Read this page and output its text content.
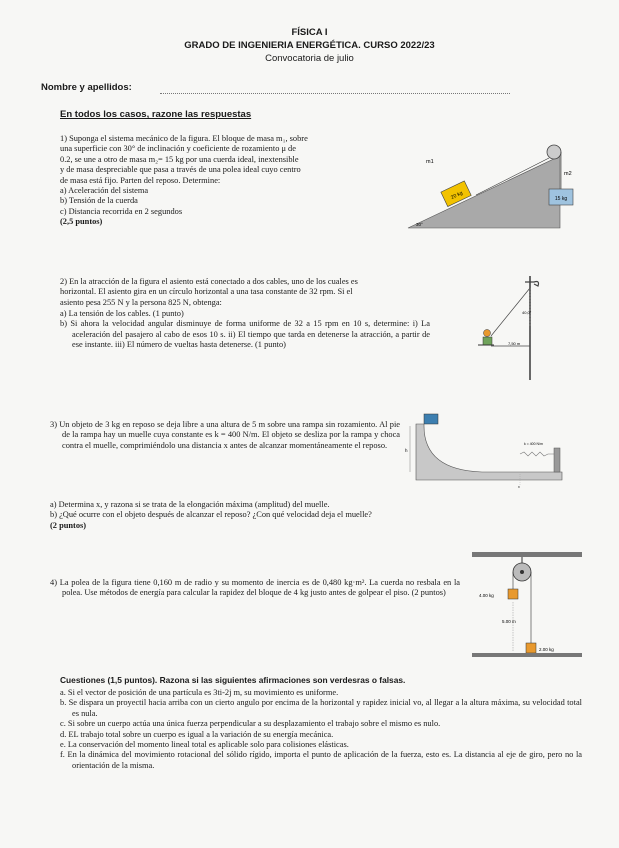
FÍSICA I
GRADO DE INGENIERIA ENERGÉTICA. CURSO 2022/23
Convocatoria de julio
Nombre y apellidos:
En todos los casos, razone las respuestas

1) Suponga el sistema mecánico de la figura. El bloque de masa m₁, sobre

una superficie con 30° de inclinación y coeficiente de rozamiento μ de

0.2, se une a otro de masa m₂= 15 kg por una cuerda ideal, inextensible

y de masa despreciable que pasa a través de una polea ideal cuyo centro

de masa está fijo. Parten del reposo. Determine:

a) Aceleración del sistema

b) Tensión de la cuerda

c) Distancia recorrida en 2 segundos

(2,5 puntos)

20 kg	15 kg
m1
m2
30°

2) En la atracción de la figura el asiento está conectado a dos cables, uno de los cuales es

horizontal. El asiento gira en un círculo horizontal a una tasa constante de 32 rpm. Si el

asiento pesa 255 N y la persona 825 N, obtenga:

a) La tensión de los cables. (1 punto)

b) Si ahora la velocidad angular disminuye de forma uniforme de 32 a 15 rpm en 10 s, determine: i) La aceleración del pasajero al cabo de esos 10 s. ii) El tiempo que tarda en detenerse la atracción, a partir de ese instante. iii) El número de vueltas hasta detenerse. (1 punto)

40,0°
7,50 m

3) Un objeto de 3 kg en reposo se deja libre a una altura de 5 m sobre una rampa sin rozamiento. Al pie de la rampa hay un muelle cuya constante es k = 400 N/m. El objeto se desliza por la rampa y choca contra el muelle, comprimiéndolo una distancia x antes de alcanzar momentáneamente el reposo.

a) Determina x, y razona si se trata de la elongación máxima (amplitud) del muelle.

b) ¿Qué ocurre con el objeto después de alcanzar el reposo? ¿Con qué velocidad deja el muelle?

(2 puntos)

h
k = 400 N/m
x

4) La polea de la figura tiene 0,160 m de radio y su momento de inercia es de 0,480 kg·m². La cuerda no resbala en la polea. Use métodos de energía para calcular la rapidez del bloque de 4 kg justo antes de golpear el piso. (2 puntos)	4.00 kg
5.00 m
2.00 kg
Cuestiones (1,5 puntos). Razona si las siguientes afirmaciones son verdesras o falsas.

a. Si el vector de posición de una partícula es 3ti-2j m, su movimiento es uniforme.

b. Se dispara un proyectil hacia arriba con un cierto angulo por encima de la horizontal y rapidez inicial vo, al llegar a la altura máxima, su velocidad total es nula.

c. Si sobre un cuerpo actúa una única fuerza perpendicular a su desplazamiento el trabajo sobre el mismo es nulo.

d. EL trabajo total sobre un cuerpo es igual a la variación de su energía mecánica.

e. La conservación del momento lineal total es aplicable solo para colisiones elásticas.

f. En la dinámica del movimiento rotacional del sólido rígido, importa el punto de aplicación de la fuerza, esto es. La distancia al eje de giro, pero no la orientación de la misma.
